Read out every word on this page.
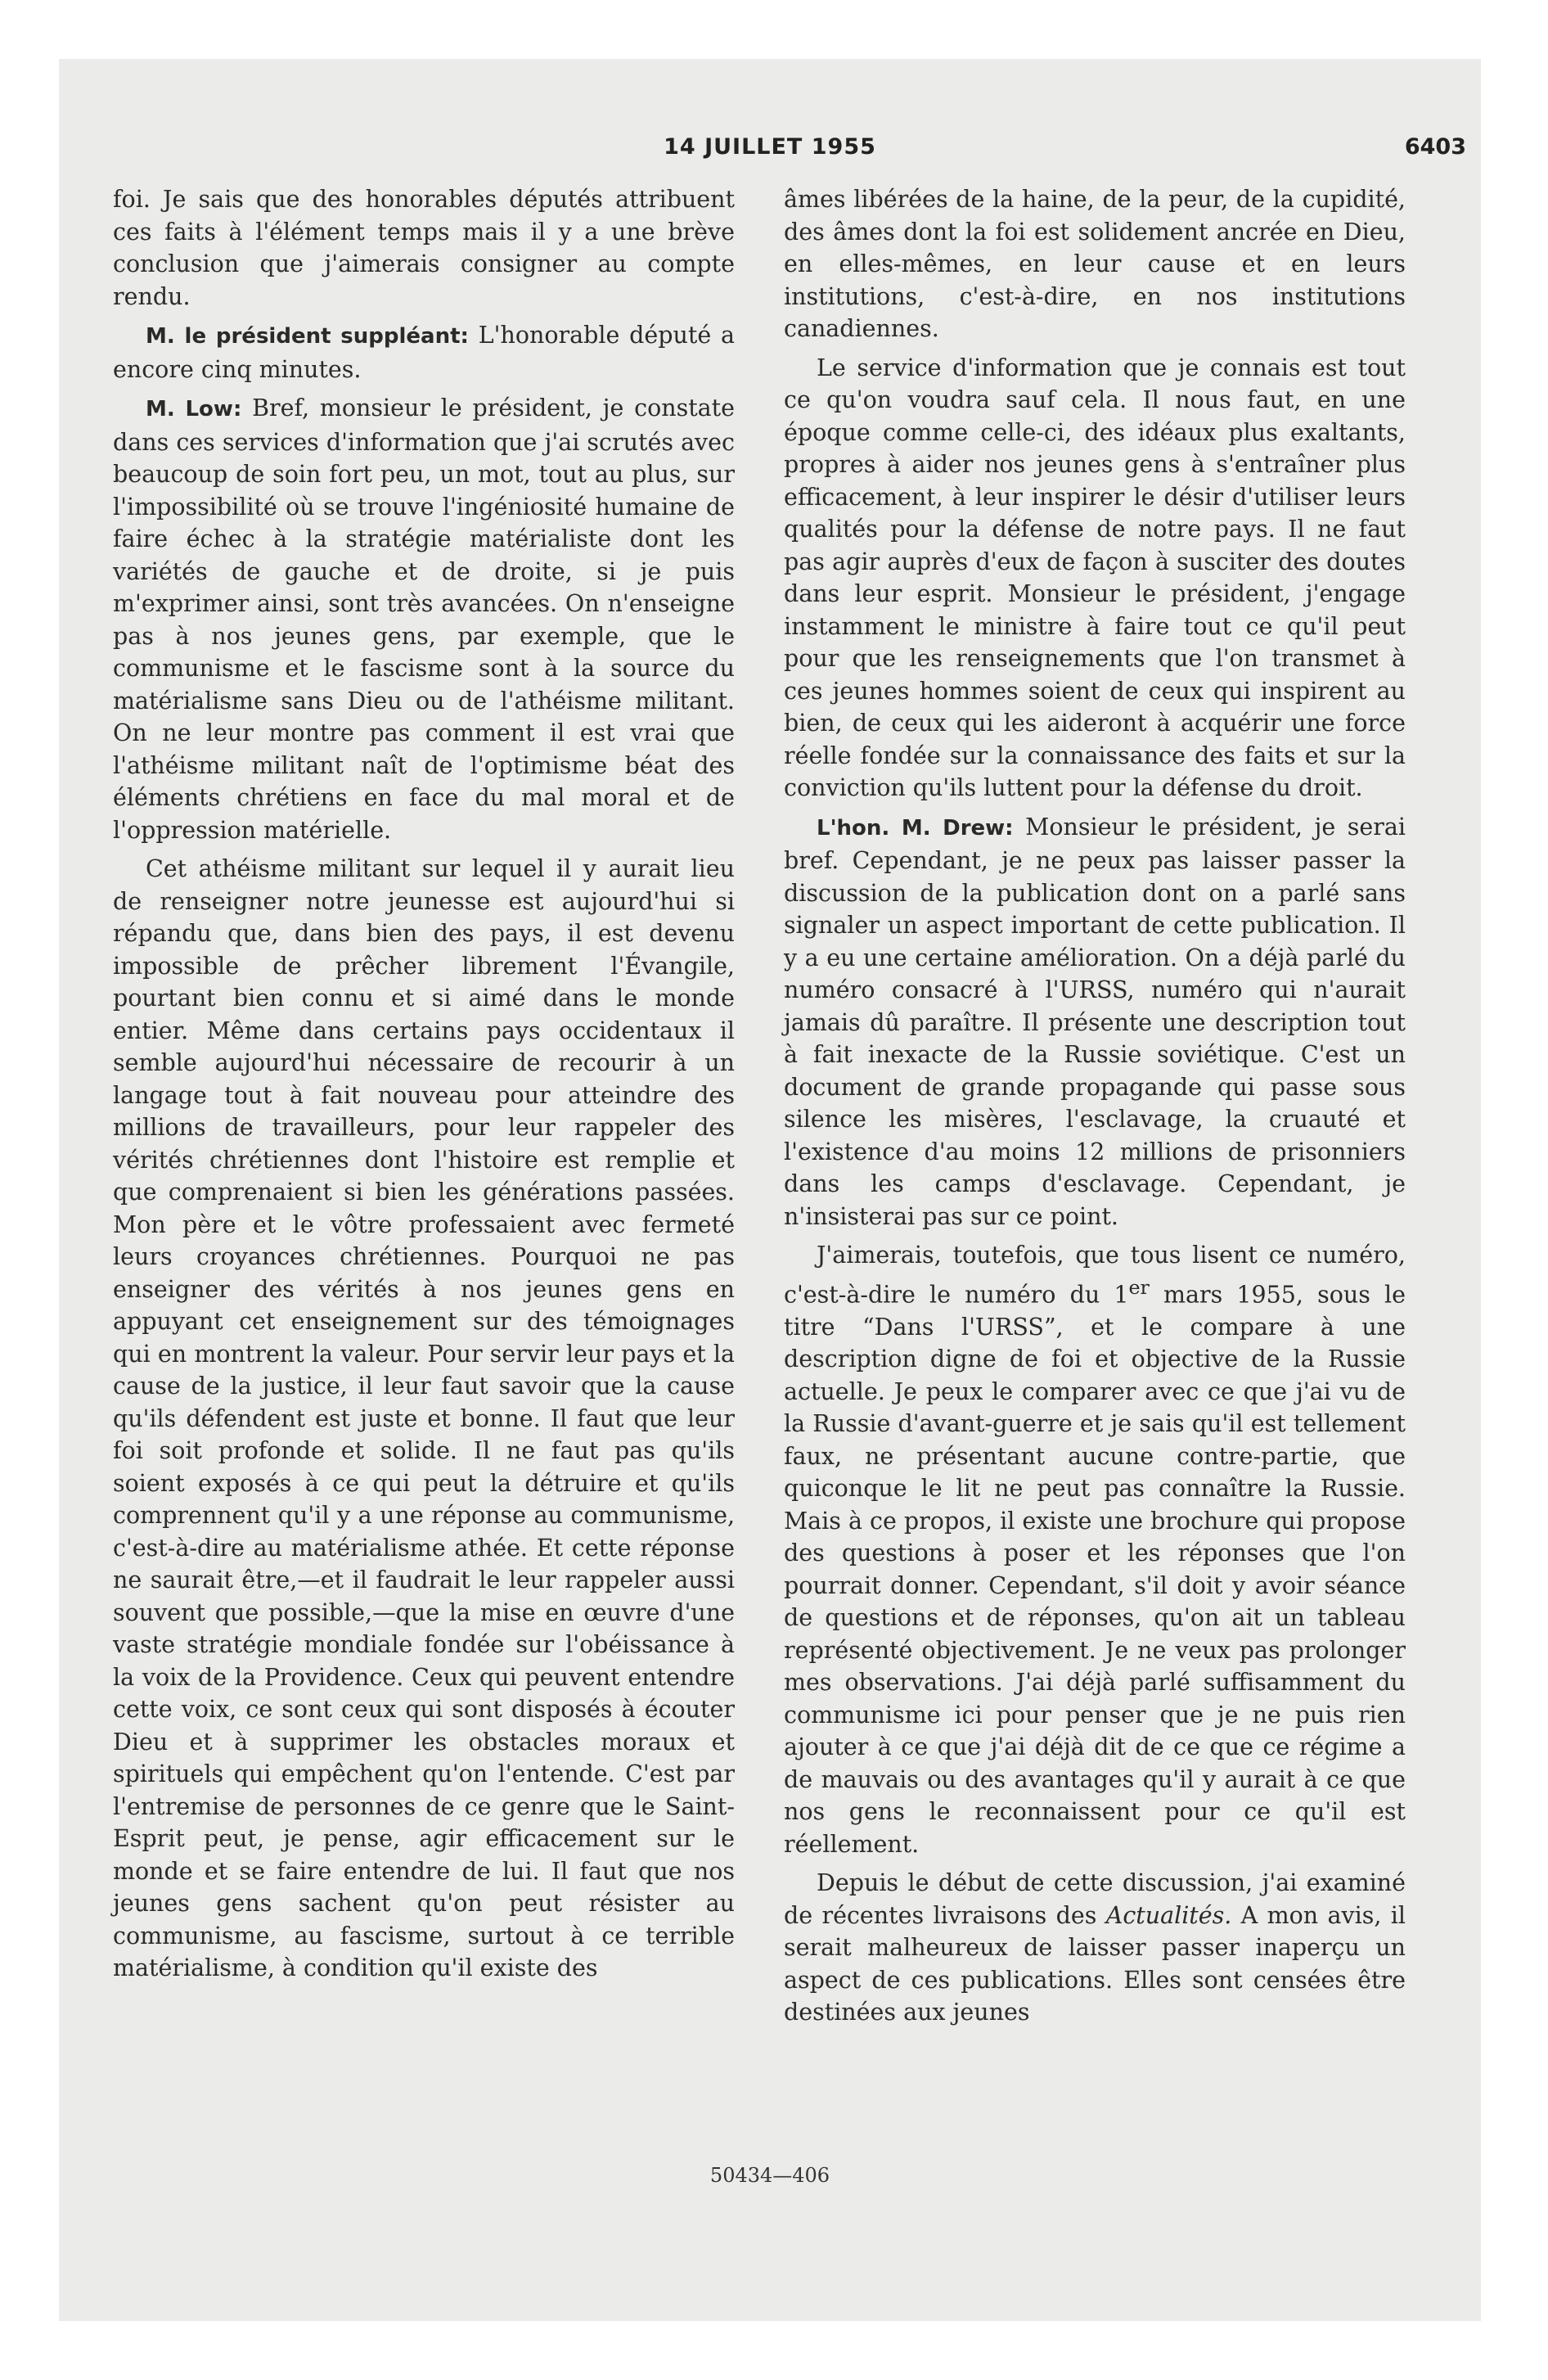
14 JUILLET 1955	6403

foi. Je sais que des honorables députés attribuent ces faits à l'élément temps mais il y a une brève conclusion que j'aimerais consigner au compte rendu.

M. le président suppléant: L'honorable député a encore cinq minutes.

M. Low: Bref, monsieur le président, je constate dans ces services d'information que j'ai scrutés avec beaucoup de soin fort peu, un mot, tout au plus, sur l'impossibilité où se trouve l'ingéniosité humaine de faire échec à la stratégie matérialiste dont les variétés de gauche et de droite, si je puis m'exprimer ainsi, sont très avancées. On n'enseigne pas à nos jeunes gens, par exemple, que le communisme et le fascisme sont à la source du matérialisme sans Dieu ou de l'athéisme militant. On ne leur montre pas comment il est vrai que l'athéisme militant naît de l'optimisme béat des éléments chrétiens en face du mal moral et de l'oppression matérielle.

Cet athéisme militant sur lequel il y aurait lieu de renseigner notre jeunesse est aujourd'hui si répandu que, dans bien des pays, il est devenu impossible de prêcher librement l'Évangile, pourtant bien connu et si aimé dans le monde entier. Même dans certains pays occidentaux il semble aujourd'hui nécessaire de recourir à un langage tout à fait nouveau pour atteindre des millions de travailleurs, pour leur rappeler des vérités chrétiennes dont l'histoire est remplie et que comprenaient si bien les générations passées. Mon père et le vôtre professaient avec fermeté leurs croyances chrétiennes. Pourquoi ne pas enseigner des vérités à nos jeunes gens en appuyant cet enseignement sur des témoignages qui en montrent la valeur. Pour servir leur pays et la cause de la justice, il leur faut savoir que la cause qu'ils défendent est juste et bonne. Il faut que leur foi soit profonde et solide. Il ne faut pas qu'ils soient exposés à ce qui peut la détruire et qu'ils comprennent qu'il y a une réponse au communisme, c'est-à-dire au matérialisme athée. Et cette réponse ne saurait être,—et il faudrait le leur rappeler aussi souvent que possible,—que la mise en œuvre d'une vaste stratégie mondiale fondée sur l'obéissance à la voix de la Providence. Ceux qui peuvent entendre cette voix, ce sont ceux qui sont disposés à écouter Dieu et à supprimer les obstacles moraux et spirituels qui empêchent qu'on l'entende. C'est par l'entremise de personnes de ce genre que le Saint-Esprit peut, je pense, agir efficacement sur le monde et se faire entendre de lui. Il faut que nos jeunes gens sachent qu'on peut résister au communisme, au fascisme, surtout à ce terrible matérialisme, à condition qu'il existe des

âmes libérées de la haine, de la peur, de la cupidité, des âmes dont la foi est solidement ancrée en Dieu, en elles-mêmes, en leur cause et en leurs institutions, c'est-à-dire, en nos institutions canadiennes.

Le service d'information que je connais est tout ce qu'on voudra sauf cela. Il nous faut, en une époque comme celle-ci, des idéaux plus exaltants, propres à aider nos jeunes gens à s'entraîner plus efficacement, à leur inspirer le désir d'utiliser leurs qualités pour la défense de notre pays. Il ne faut pas agir auprès d'eux de façon à susciter des doutes dans leur esprit. Monsieur le président, j'engage instamment le ministre à faire tout ce qu'il peut pour que les renseignements que l'on transmet à ces jeunes hommes soient de ceux qui inspirent au bien, de ceux qui les aideront à acquérir une force réelle fondée sur la connaissance des faits et sur la conviction qu'ils luttent pour la défense du droit.

L'hon. M. Drew: Monsieur le président, je serai bref. Cependant, je ne peux pas laisser passer la discussion de la publication dont on a parlé sans signaler un aspect important de cette publication. Il y a eu une certaine amélioration. On a déjà parlé du numéro consacré à l'URSS, numéro qui n'aurait jamais dû paraître. Il présente une description tout à fait inexacte de la Russie soviétique. C'est un document de grande propagande qui passe sous silence les misères, l'esclavage, la cruauté et l'existence d'au moins 12 millions de prisonniers dans les camps d'esclavage. Cependant, je n'insisterai pas sur ce point.

J'aimerais, toutefois, que tous lisent ce numéro, c'est-à-dire le numéro du 1er mars 1955, sous le titre “Dans l'URSS”, et le compare à une description digne de foi et objective de la Russie actuelle. Je peux le comparer avec ce que j'ai vu de la Russie d'avant-guerre et je sais qu'il est tellement faux, ne présentant aucune contre-partie, que quiconque le lit ne peut pas connaître la Russie. Mais à ce propos, il existe une brochure qui propose des questions à poser et les réponses que l'on pourrait donner. Cependant, s'il doit y avoir séance de questions et de réponses, qu'on ait un tableau représenté objectivement. Je ne veux pas prolonger mes observations. J'ai déjà parlé suffisamment du communisme ici pour penser que je ne puis rien ajouter à ce que j'ai déjà dit de ce que ce régime a de mauvais ou des avantages qu'il y aurait à ce que nos gens le reconnaissent pour ce qu'il est réellement.

Depuis le début de cette discussion, j'ai examiné de récentes livraisons des Actualités. A mon avis, il serait malheureux de laisser passer inaperçu un aspect de ces publications. Elles sont censées être destinées aux jeunes

50434—406
